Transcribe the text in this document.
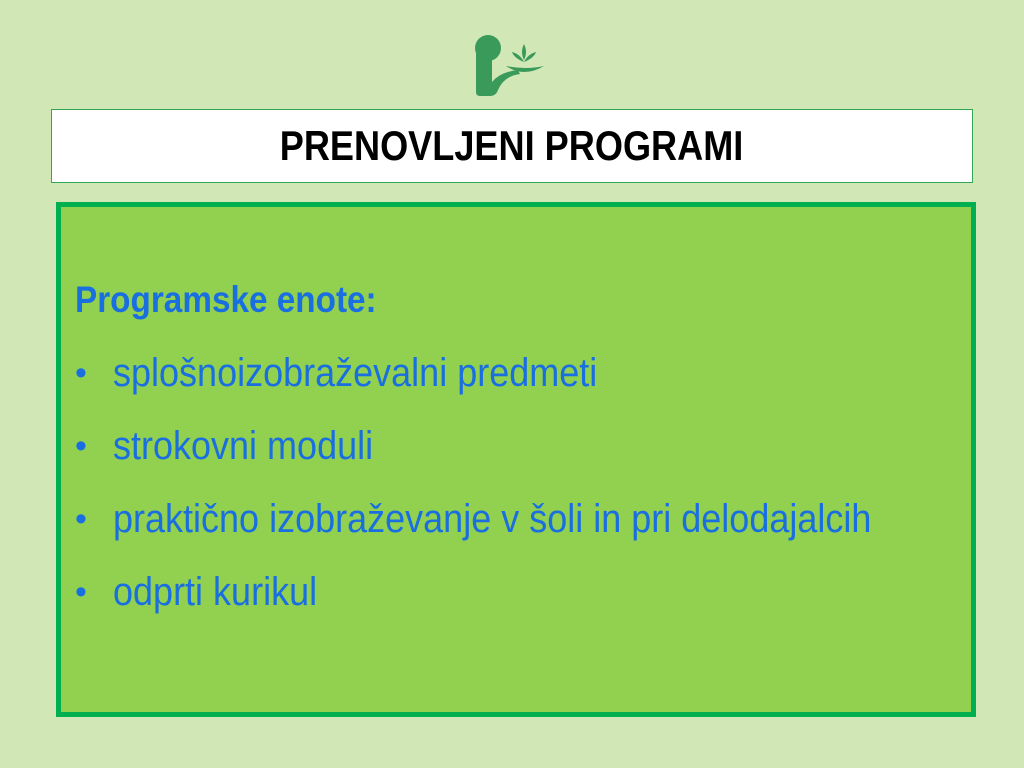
PRENOVLJENI PROGRAMI
Programske enote:
• splošnoizobraževalni predmeti
• strokovni moduli
• praktično izobraževanje v šoli in pri delodajalcih
• odprti kurikul
